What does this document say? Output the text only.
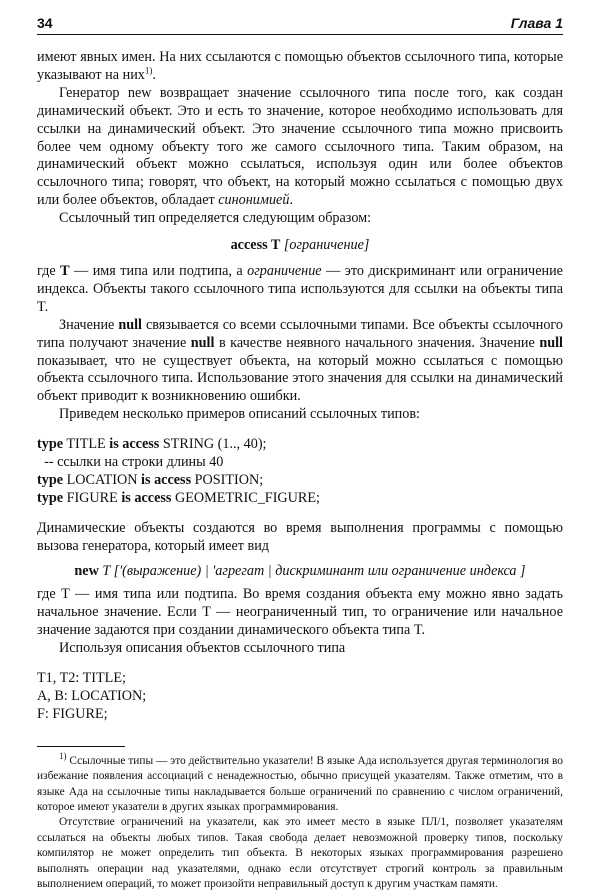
34	Глава 1

имеют явных имен. На них ссылаются с помощью объектов ссылочного типа, которые указывают на них$^{1)}$.

Генератор new возвращает значение ссылочного типа после того, как создан динамический объект. Это и есть то значение, которое необходимо использовать для ссылки на динамический объект. Это значение ссылочного типа можно присвоить более чем одному объекту того же самого ссылочного типа. Таким образом, на динамический объект можно ссылаться, используя один или более объектов ссылочного типа; говорят, что объект, на который можно ссылаться с помощью двух или более объектов, обладает синонимией.

Ссылочный тип определяется следующим образом:

access T [ограничение]

где T — имя типа или подтипа, а ограничение — это дискриминант или ограничение индекса. Объекты такого ссылочного типа используются для ссылки на объекты типа T.

Значение null связывается со всеми ссылочными типами. Все объекты ссылочного типа получают значение null в качестве неявного начального значения. Значение null показывает, что не существует объекта, на который можно ссылаться с помощью объекта ссылочного типа. Использование этого значения для ссылки на динамический объект приводит к возникновению ошибки.

Приведем несколько примеров описаний ссылочных типов:

type TITLE is access STRING (1.., 40);
-- ссылки на строки длины 40
type LOCATION is access POSITION;
type FIGURE is access GEOMETRIC_FIGURE;

Динамические объекты создаются во время выполнения программы с помощью вызова генератора, который имеет вид

new T ['(выражение) | 'агрегат | дискриминант или ограничение индекса ]

где T — имя типа или подтипа. Во время создания объекта ему можно явно задать начальное значение. Если T — неограниченный тип, то ограничение или начальное значение задаются при создании динамического объекта типа T.

Используя описания объектов ссылочного типа

T1, T2: TITLE;
A, B: LOCATION;
F: FIGURE;

$^{1)}$ Ссылочные типы — это действительно указатели! В языке Ада используется другая терминология во избежание появления ассоциаций с ненадежностью, обычно присущей указателям. Также отметим, что в языке Ада на ссылочные типы накладывается больше ограничений по сравнению с числом ограничений, которое имеют указатели в других языках программирования.

Отсутствие ограничений на указатели, как это имеет место в языке ПЛ/1, позволяет указателям ссылаться на объекты любых типов. Такая свобода делает невозможной проверку типов, поскольку компилятор не может определить тип объекта. В некоторых языках программирования разрешено выполнять операции над указателями, однако если отсутствует строгий контроль за правильным выполнением операций, то может произойти неправильный доступ к другим участкам памяти.
